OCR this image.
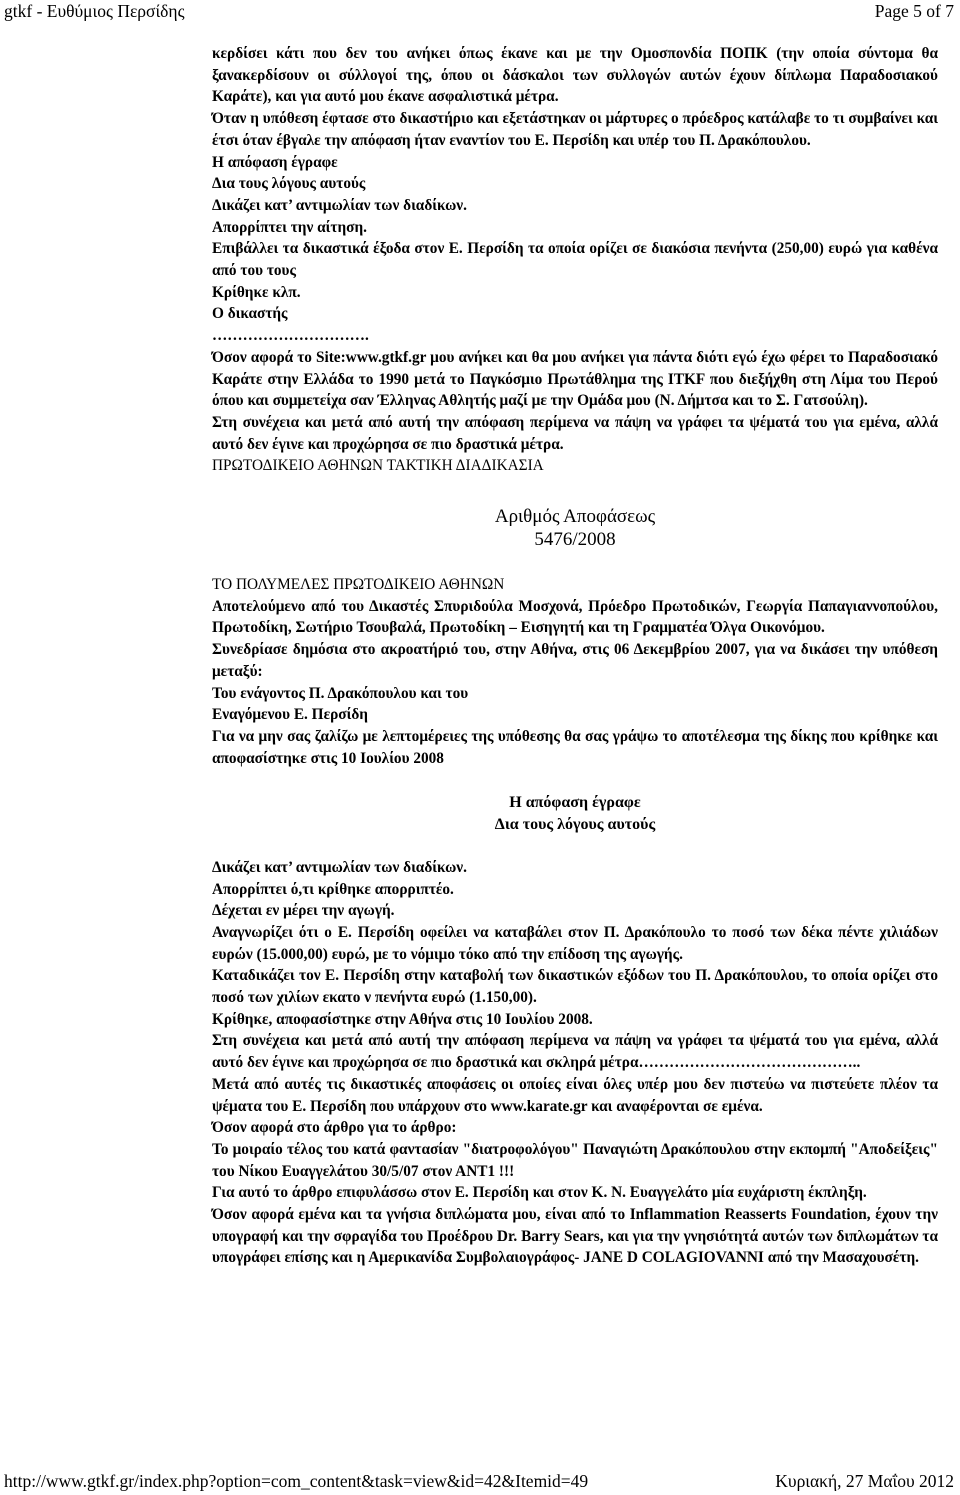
gtkf - Ευθύμιος Περσίδης	Page 5 of 7

κερδίσει κάτι που δεν του ανήκει όπως έκανε και με την Ομοσπονδία ΠΟΠΚ (την οποία σύντομα θα ξανακερδίσουν οι σύλλογοί της, όπου οι δάσκαλοι των συλλογών αυτών έχουν δίπλωμα Παραδοσιακού Καράτε), και για αυτό μου έκανε ασφαλιστικά μέτρα.

Όταν η υπόθεση έφτασε στο δικαστήριο και εξετάστηκαν οι μάρτυρες ο πρόεδρος κατάλαβε το τι συμβαίνει και έτσι όταν έβγαλε την απόφαση ήταν εναντίον του Ε. Περσίδη και υπέρ του Π. Δρακόπουλου.

Η απόφαση έγραφε

Δια τους λόγους αυτούς

Δικάζει κατ’ αντιμωλίαν των διαδίκων.

Απορρίπτει την αίτηση.

Επιβάλλει τα δικαστικά έξοδα στον Ε. Περσίδη τα οποία ορίζει σε διακόσια πενήντα (250,00) ευρώ για καθένα από του τους

Κρίθηκε κλπ.

Ο δικαστής

………………………….

Όσον αφορά το Site:www.gtkf.gr μου ανήκει και θα μου ανήκει για πάντα διότι εγώ έχω φέρει το Παραδοσιακό Καράτε στην Ελλάδα το 1990 μετά το Παγκόσμιο Πρωτάθλημα της ITKF που διεξήχθη στη Λίμα του Περού όπου και συμμετείχα σαν Έλληνας Αθλητής μαζί με την Ομάδα μου (Ν. Δήμτσα και το Σ. Γατσούλη).

Στη συνέχεια και μετά από αυτή την απόφαση περίμενα να πάψη να γράφει τα ψέματά του για εμένα, αλλά αυτό δεν έγινε και προχώρησα σε πιο δραστικά μέτρα.

ΠΡΩΤΟΔΙΚΕΙΟ ΑΘΗΝΩΝ ΤΑΚΤΙΚΗ ΔΙΑΔΙΚΑΣΙΑ

Αριθμός Αποφάσεως

5476/2008

ΤΟ ΠΟΛΥΜΕΛΕΣ ΠΡΩΤΟΔΙΚΕΙΟ ΑΘΗΝΩΝ

Αποτελούμενο από του Δικαστές Σπυριδούλα Μοσχονά, Πρόεδρο Πρωτοδικών, Γεωργία Παπαγιαννοπούλου, Πρωτοδίκη, Σωτήριο Τσουβαλά, Πρωτοδίκη – Εισηγητή και τη Γραμματέα Όλγα Οικονόμου.

Συνεδρίασε δημόσια στο ακροατήριό του, στην Αθήνα, στις 06 Δεκεμβρίου 2007, για να δικάσει την υπόθεση μεταξύ:

Του ενάγοντος Π. Δρακόπουλου και του

Εναγόμενου Ε. Περσίδη

Για να μην σας ζαλίζω με λεπτομέρειες της υπόθεσης θα σας γράψω το αποτέλεσμα της δίκης που κρίθηκε και αποφασίστηκε στις 10 Ιουλίου 2008

Η απόφαση έγραφε

Δια τους λόγους αυτούς

Δικάζει κατ’ αντιμωλίαν των διαδίκων.

Απορρίπτει ό,τι κρίθηκε απορριπτέο.

Δέχεται εν μέρει την αγωγή.

Αναγνωρίζει ότι ο Ε. Περσίδη οφείλει να καταβάλει στον Π. Δρακόπουλο το ποσό των δέκα πέντε χιλιάδων ευρών (15.000,00) ευρώ, με το νόμιμο τόκο από την επίδοση της αγωγής.

Καταδικάζει τον Ε. Περσίδη στην καταβολή των δικαστικών εξόδων του Π. Δρακόπουλου, το οποία ορίζει στο ποσό των χιλίων εκατο ν πενήντα ευρώ (1.150,00).

Κρίθηκε, αποφασίστηκε στην Αθήνα στις 10 Ιουλίου 2008.

Στη συνέχεια και μετά από αυτή την απόφαση περίμενα να πάψη να γράφει τα ψέματά του για εμένα, αλλά αυτό δεν έγινε και προχώρησα σε πιο δραστικά και σκληρά μέτρα……………………………………..

Μετά από αυτές τις δικαστικές αποφάσεις οι οποίες είναι όλες υπέρ μου δεν πιστεύω να πιστεύετε πλέον τα ψέματα του Ε. Περσίδη που υπάρχουν στο www.karate.gr και αναφέρονται σε εμένα.

Όσον αφορά στο άρθρο για το άρθρο:

Το μοιραίο τέλος του κατά φαντασίαν "διατροφολόγου" Παναγιώτη Δρακόπουλου στην εκπομπή "Αποδείξεις" του Νίκου Ευαγγελάτου 30/5/07 στον ΑΝΤ1 !!!

Για αυτό το άρθρο επιφυλάσσω στον Ε. Περσίδη και στον Κ. Ν. Ευαγγελάτο μία ευχάριστη έκπληξη.

Όσον αφορά εμένα και τα γνήσια διπλώματα μου, είναι από το Inflammation Reasserts Foundation, έχουν την υπογραφή και την σφραγίδα του Προέδρου Dr. Barry Sears, και για την γνησιότητά αυτών των διπλωμάτων τα υπογράφει επίσης και η Αμερικανίδα Συμβολαιογράφος- JANE D COLAGIOVANNI από την Μασαχουσέτη.

http://www.gtkf.gr/index.php?option=com_content&task=view&id=42&Itemid=49	Κυριακή, 27 Μαΐου 2012
